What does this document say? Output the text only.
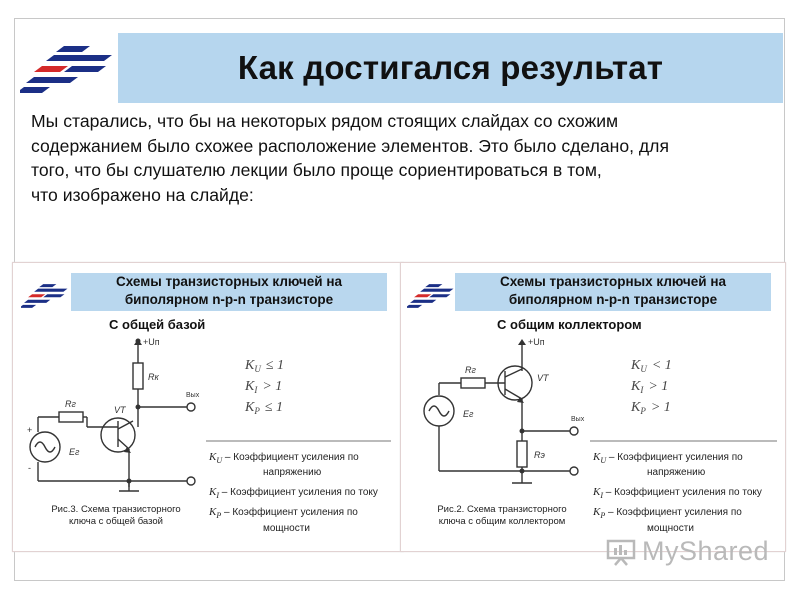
Как достигался результат
Мы старались, что бы на некоторых рядом стоящих слайдах со схожим
содержанием было схожее расположение элементов. Это было сделано, для
того, что бы слушателю лекции было проще сориентироваться в том,
что изображено на слайде:
Схемы транзисторных ключей на
биполярном n-p-n транзисторе
С общей базой
+Uп
Rк
VT
Rг
Eг
Вых
+
-
$K_U \le 1$
$K_I > 1$
$K_P \le 1$
$K_U$ – Коэффициент усиления по
напряжению
$K_I$ – Коэффициент усиления по току
$K_P$ – Коэффициент усиления по
мощности
Рис.3. Схема транзисторного
ключа с общей базой
Схемы транзисторных ключей на
биполярном n-p-n транзисторе
С общим коллектором
+Uп
Rг
VT
Eг
Rэ
Вых
$K_U < 1$
$K_I > 1$
$K_P > 1$
$K_U$ – Коэффициент усиления по
напряжению
$K_I$ – Коэффициент усиления по току
$K_P$ – Коэффициент усиления по
мощности
Рис.2. Схема транзисторного
ключа с общим коллектором
MyShared
